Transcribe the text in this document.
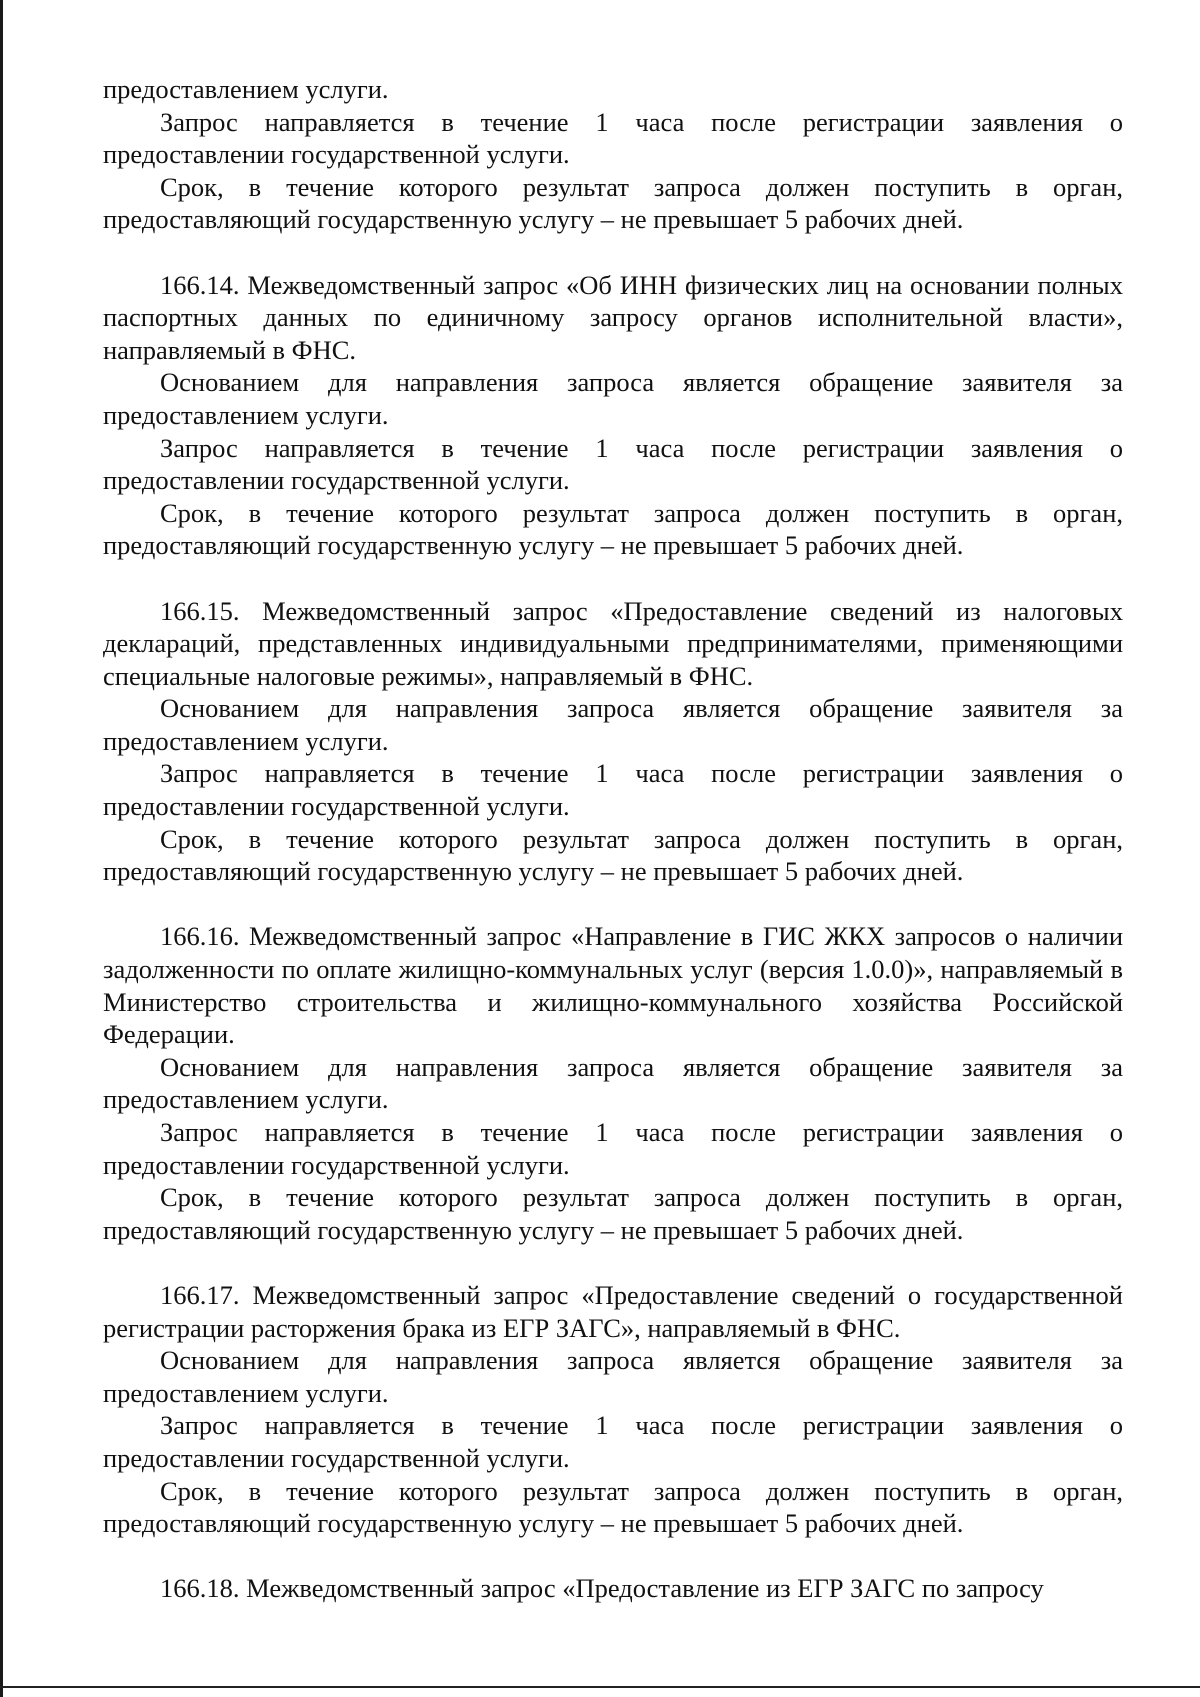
предоставлением услуги.

Запрос направляется в течение 1 часа после регистрации заявления о предоставлении государственной услуги.

Срок, в течение которого результат запроса должен поступить в орган, предоставляющий государственную услугу – не превышает 5 рабочих дней.

166.14. Межведомственный запрос «Об ИНН физических лиц на основании полных паспортных данных по единичному запросу органов исполнительной власти», направляемый в ФНС.

Основанием для направления запроса является обращение заявителя за предоставлением услуги.

Запрос направляется в течение 1 часа после регистрации заявления о предоставлении государственной услуги.

Срок, в течение которого результат запроса должен поступить в орган, предоставляющий государственную услугу – не превышает 5 рабочих дней.

166.15. Межведомственный запрос «Предоставление сведений из налоговых деклараций, представленных индивидуальными предпринимателями, применяющими специальные налоговые режимы», направляемый в ФНС.

Основанием для направления запроса является обращение заявителя за предоставлением услуги.

Запрос направляется в течение 1 часа после регистрации заявления о предоставлении государственной услуги.

Срок, в течение которого результат запроса должен поступить в орган, предоставляющий государственную услугу – не превышает 5 рабочих дней.

166.16. Межведомственный запрос «Направление в ГИС ЖКХ запросов о наличии задолженности по оплате жилищно-коммунальных услуг (версия 1.0.0)», направляемый в Министерство строительства и жилищно-коммунального хозяйства Российской Федерации.

Основанием для направления запроса является обращение заявителя за предоставлением услуги.

Запрос направляется в течение 1 часа после регистрации заявления о предоставлении государственной услуги.

Срок, в течение которого результат запроса должен поступить в орган, предоставляющий государственную услугу – не превышает 5 рабочих дней.

166.17. Межведомственный запрос «Предоставление сведений о государственной регистрации расторжения брака из ЕГР ЗАГС», направляемый в ФНС.

Основанием для направления запроса является обращение заявителя за предоставлением услуги.

Запрос направляется в течение 1 часа после регистрации заявления о предоставлении государственной услуги.

Срок, в течение которого результат запроса должен поступить в орган, предоставляющий государственную услугу – не превышает 5 рабочих дней.

166.18. Межведомственный запрос «Предоставление из ЕГР ЗАГС по запросу
